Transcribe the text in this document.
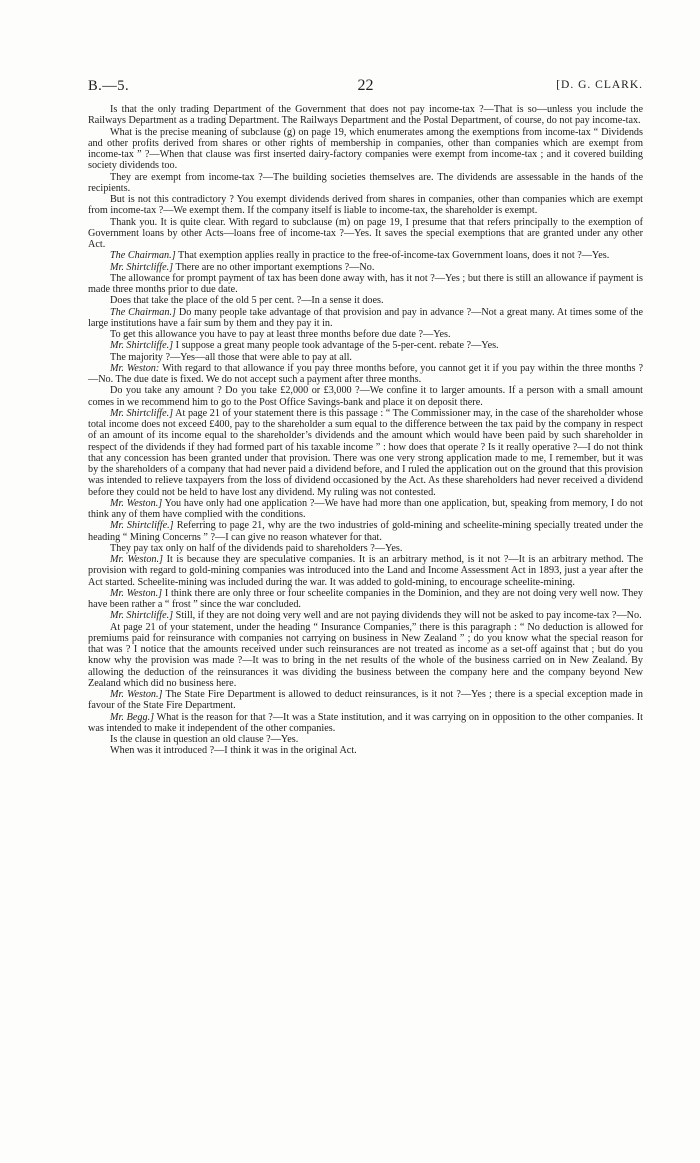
B.—5.	22	[D. G. CLARK.

Is that the only trading Department of the Government that does not pay income-tax ?—That is so—unless you include the Railways Department as a trading Department. The Railways Department and the Postal Department, of course, do not pay income-tax.

What is the precise meaning of subclause (g) on page 19, which enumerates among the exemptions from income-tax “ Dividends and other profits derived from shares or other rights of membership in companies, other than companies which are exempt from income-tax ” ?—When that clause was first inserted dairy-factory companies were exempt from income-tax ; and it covered building society dividends too.

They are exempt from income-tax ?—The building societies themselves are. The dividends are assessable in the hands of the recipients.

But is not this contradictory ? You exempt dividends derived from shares in companies, other than companies which are exempt from income-tax ?—We exempt them. If the company itself is liable to income-tax, the shareholder is exempt.

Thank you. It is quite clear. With regard to subclause (m) on page 19, I presume that that refers principally to the exemption of Government loans by other Acts—loans free of income-tax ?—Yes. It saves the special exemptions that are granted under any other Act.

The Chairman.] That exemption applies really in practice to the free-of-income-tax Government loans, does it not ?—Yes.

Mr. Shirtcliffe.] There are no other important exemptions ?—No.

The allowance for prompt payment of tax has been done away with, has it not ?—Yes ; but there is still an allowance if payment is made three months prior to due date.

Does that take the place of the old 5 per cent. ?—In a sense it does.

The Chairman.] Do many people take advantage of that provision and pay in advance ?—Not a great many. At times some of the large institutions have a fair sum by them and they pay it in.

To get this allowance you have to pay at least three months before due date ?—Yes.

Mr. Shirtcliffe.] I suppose a great many people took advantage of the 5-per-cent. rebate ?—Yes.

The majority ?—Yes—all those that were able to pay at all.

Mr. Weston: With regard to that allowance if you pay three months before, you cannot get it if you pay within the three months ?—No. The due date is fixed. We do not accept such a payment after three months.

Do you take any amount ? Do you take £2,000 or £3,000 ?—We confine it to larger amounts. If a person with a small amount comes in we recommend him to go to the Post Office Savings-bank and place it on deposit there.

Mr. Shirtcliffe.] At page 21 of your statement there is this passage : “ The Commissioner may, in the case of the shareholder whose total income does not exceed £400, pay to the shareholder a sum equal to the difference between the tax paid by the company in respect of an amount of its income equal to the shareholder’s dividends and the amount which would have been paid by such shareholder in respect of the dividends if they had formed part of his taxable income ” : how does that operate ? Is it really operative ?—I do not think that any concession has been granted under that provision. There was one very strong application made to me, I remember, but it was by the shareholders of a company that had never paid a dividend before, and I ruled the application out on the ground that this provision was intended to relieve taxpayers from the loss of dividend occasioned by the Act. As these shareholders had never received a dividend before they could not be held to have lost any dividend. My ruling was not contested.

Mr. Weston.] You have only had one application ?—We have had more than one application, but, speaking from memory, I do not think any of them have complied with the conditions.

Mr. Shirtcliffe.] Referring to page 21, why are the two industries of gold-mining and scheelite-mining specially treated under the heading “ Mining Concerns ” ?—I can give no reason whatever for that.

They pay tax only on half of the dividends paid to shareholders ?—Yes.

Mr. Weston.] It is because they are speculative companies. It is an arbitrary method, is it not ?—It is an arbitrary method. The provision with regard to gold-mining companies was introduced into the Land and Income Assessment Act in 1893, just a year after the Act started. Scheelite-mining was included during the war. It was added to gold-mining, to encourage scheelite-mining.

Mr. Weston.] I think there are only three or four scheelite companies in the Dominion, and they are not doing very well now. They have been rather a “ frost ” since the war concluded.

Mr. Shirtcliffe.] Still, if they are not doing very well and are not paying dividends they will not be asked to pay income-tax ?—No.

At page 21 of your statement, under the heading “ Insurance Companies,” there is this paragraph : “ No deduction is allowed for premiums paid for reinsurance with companies not carrying on business in New Zealand ” ; do you know what the special reason for that was ? I notice that the amounts received under such reinsurances are not treated as income as a set-off against that ; but do you know why the provision was made ?—It was to bring in the net results of the whole of the business carried on in New Zealand. By allowing the deduction of the reinsurances it was dividing the business between the company here and the company beyond New Zealand which did no business here.

Mr. Weston.] The State Fire Department is allowed to deduct reinsurances, is it not ?—Yes ; there is a special exception made in favour of the State Fire Department.

Mr. Begg.] What is the reason for that ?—It was a State institution, and it was carrying on in opposition to the other companies. It was intended to make it independent of the other companies.

Is the clause in question an old clause ?—Yes.

When was it introduced ?—I think it was in the original Act.
